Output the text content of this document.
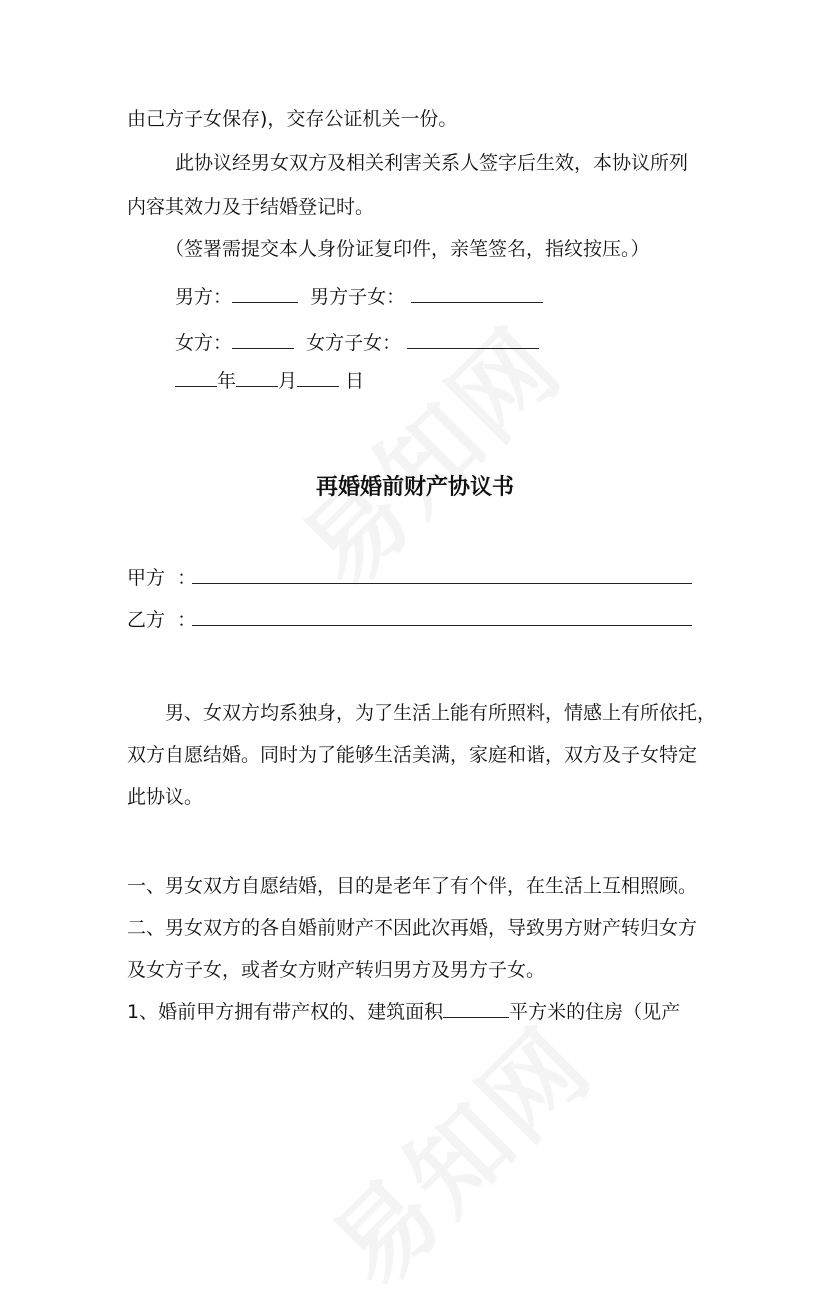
由己方子女保存)，交存公证机关一份。
此协议经男女双方及相关利害关系人签字后生效，本协议所列
内容其效力及于结婚登记时。
（签署需提交本人身份证复印件，亲笔签名，指纹按压。）
男方：	男方子女：
女方：	女方子女：
年 月	日
再婚婚前财产协议书
甲方 ：
乙方 ：
男、女双方均系独身，为了生活上能有所照料，情感上有所依托，
双方自愿结婚。同时为了能够生活美满，家庭和谐，双方及子女特定
此协议。
一、男女双方自愿结婚，目的是老年了有个伴，在生活上互相照顾。
二、男女双方的各自婚前财产不因此次再婚，导致男方财产转归女方
及女方子女，或者女方财产转归男方及男方子女。
1、婚前甲方拥有带产权的、建筑面积	平方米的住房（见产
